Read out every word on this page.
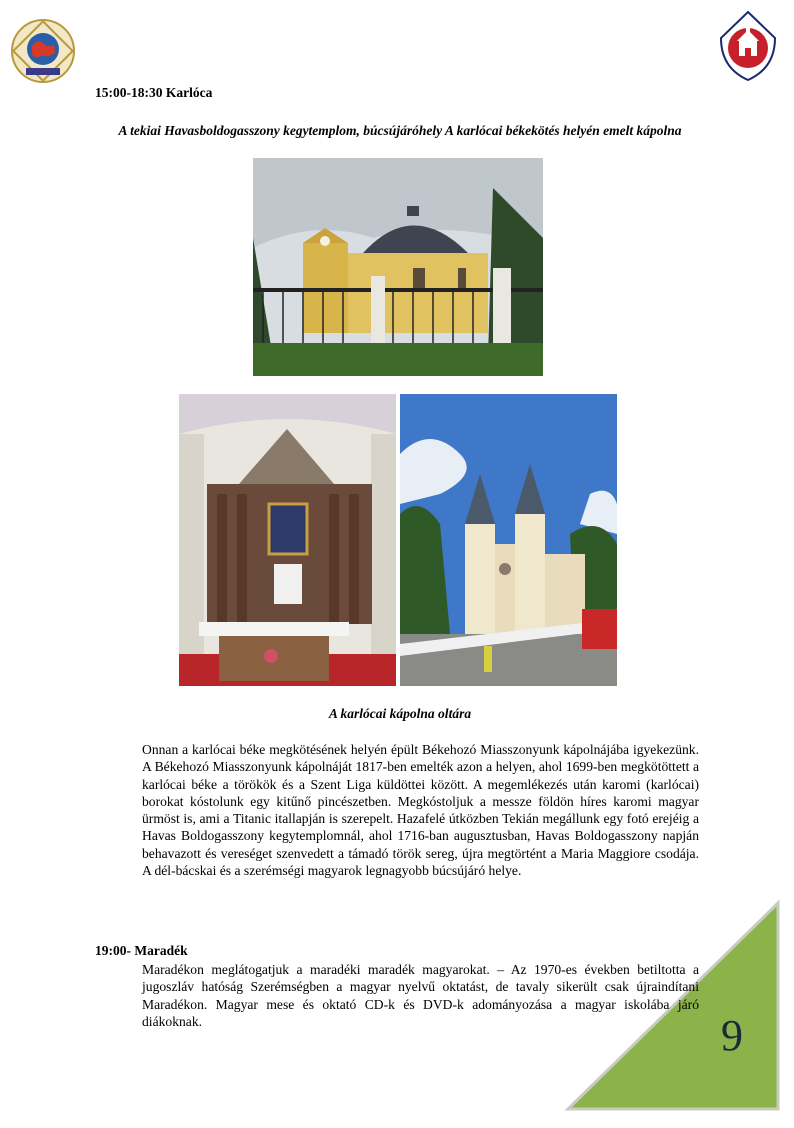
15:00-18:30 Karlóca
A tekiai Havasboldogasszony kegytemplom, búcsújáróhely A karlócai békekötés helyén emelt kápolna
A karlócai kápolna oltára
Onnan a karlócai béke megkötésének helyén épült Békehozó Miasszonyunk kápolnájába igyekezünk. A Békehozó Miasszonyunk kápolnáját 1817-ben emelték azon a helyen, ahol 1699-ben megkötöttett a karlócai béke a törökök és a Szent Liga küldöttei között. A megemlékezés után karomi (karlócai) borokat kóstolunk egy kitűnő pincészetben. Megkóstoljuk a messze földön híres karomi magyar ürmöst is, ami a Titanic itallapján is szerepelt. Hazafelé útközben Tekián megállunk egy fotó erejéig a Havas Boldogasszony kegytemplomnál, ahol 1716-ban augusztusban, Havas Boldogasszony napján behavazott és vereséget szenvedett a támadó török sereg, újra megtörtént a Maria Maggiore csodája. A dél-bácskai és a szerémségi magyarok legnagyobb búcsújáró helye.
19:00- Maradék
Maradékon meglátogatjuk a maradéki maradék magyarokat. – Az 1970-es években betiltotta a jugoszláv hatóság Szerémségben a magyar nyelvű oktatást, de tavaly sikerült csak újraindítani Maradékon. Magyar mese és oktató CD-k és DVD-k adományozása a magyar iskolába járó diákoknak.	9
